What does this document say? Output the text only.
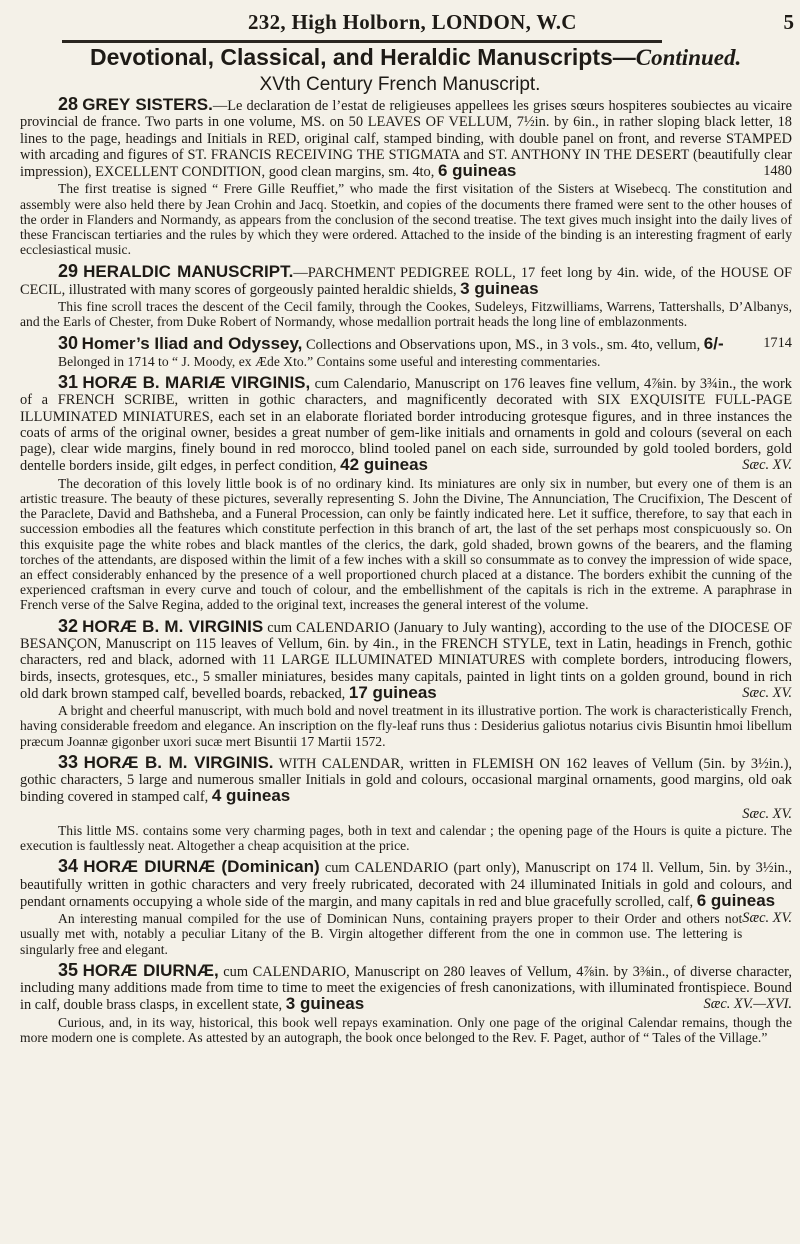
232, High Holborn, LONDON, W.C	5
Devotional, Classical, and Heraldic Manuscripts—Continued.
XVth Century French Manuscript.

28 GREY SISTERS.—Le declaration de l’estat de religieuses appellees les grises sœurs hospiteres soubiectes au vicaire provincial de france. Two parts in one volume, MS. on 50 LEAVES OF VELLUM, 7½in. by 6in., in rather sloping black letter, 18 lines to the page, headings and Initials in RED, original calf, stamped binding, with double panel on front, and reverse STAMPED with arcading and figures of ST. FRANCIS RECEIVING THE STIGMATA and ST. ANTHONY IN THE DESERT (beautifully clear impression), EXCELLENT CONDITION, good clean margins, sm. 4to, 6 guineas	1480

The first treatise is signed “ Frere Gille Reuffiet,” who made the first visitation of the Sisters at Wisebecq. The constitution and assembly were also held there by Jean Crohin and Jacq. Stoetkin, and copies of the documents there framed were sent to the other houses of the order in Flanders and Normandy, as appears from the conclusion of the second treatise. The text gives much insight into the daily lives of these Franciscan tertiaries and the rules by which they were ordered. Attached to the inside of the binding is an interesting fragment of early ecclesiastical music.

29 HERALDIC MANUSCRIPT.—PARCHMENT PEDIGREE ROLL, 17 feet long by 4in. wide, of the HOUSE OF CECIL, illustrated with many scores of gorgeously painted heraldic shields, 3 guineas

This fine scroll traces the descent of the Cecil family, through the Cookes, Sudeleys, Fitzwilliams, Warrens, Tattershalls, D’Albanys, and the Earls of Chester, from Duke Robert of Normandy, whose medallion portrait heads the long line of emblazonments.

30 Homer’s Iliad and Odyssey, Collections and Observations upon, MS., in 3 vols., sm. 4to, vellum, 6/-	1714

Belonged in 1714 to “ J. Moody, ex Æde Xto.” Contains some useful and interesting commentaries.

31 HORÆ B. MARIÆ VIRGINIS, cum Calendario, Manuscript on 176 leaves fine vellum, 4⅞in. by 3¾in., the work of a FRENCH SCRIBE, written in gothic characters, and magnificently decorated with SIX EXQUISITE FULL-PAGE ILLUMINATED MINIATURES, each set in an elaborate floriated border introducing grotesque figures, and in three instances the coats of arms of the original owner, besides a great number of gem-like initials and ornaments in gold and colours (several on each page), clear wide margins, finely bound in red morocco, blind tooled panel on each side, surrounded by gold tooled borders, gold dentelle borders inside, gilt edges, in perfect condition, 42 guineas	Sæc. XV.

The decoration of this lovely little book is of no ordinary kind. Its miniatures are only six in number, but every one of them is an artistic treasure. The beauty of these pictures, severally representing S. John the Divine, The Annunciation, The Crucifixion, The Descent of the Paraclete, David and Bathsheba, and a Funeral Procession, can only be faintly indicated here. Let it suffice, therefore, to say that each in succession embodies all the features which constitute perfection in this branch of art, the last of the set perhaps most conspicuously so. On this exquisite page the white robes and black mantles of the clerics, the dark, gold shaded, brown gowns of the bearers, and the flaming torches of the attendants, are disposed within the limit of a few inches with a skill so consummate as to convey the impression of wide space, an effect considerably enhanced by the presence of a well proportioned church placed at a distance. The borders exhibit the cunning of the experienced craftsman in every curve and touch of colour, and the embellishment of the capitals is rich in the extreme. A paraphrase in French verse of the Salve Regina, added to the original text, increases the general interest of the volume.

32 HORÆ B. M. VIRGINIS cum CALENDARIO (January to July wanting), according to the use of the DIOCESE OF BESANÇON, Manuscript on 115 leaves of Vellum, 6in. by 4in., in the FRENCH STYLE, text in Latin, headings in French, gothic characters, red and black, adorned with 11 LARGE ILLUMINATED MINIATURES with complete borders, introducing flowers, birds, insects, grotesques, etc., 5 smaller miniatures, besides many capitals, painted in light tints on a golden ground, bound in rich old dark brown stamped calf, bevelled boards, rebacked, 17 guineas	Sæc. XV.

A bright and cheerful manuscript, with much bold and novel treatment in its illustrative portion. The work is characteristically French, having considerable freedom and elegance. An inscription on the fly-leaf runs thus : Desiderius galiotus notarius civis Bisuntin hmoi libellum præcum Joannæ gigonber uxori sucæ mert Bisuntii 17 Martii 1572.

33 HORÆ B. M. VIRGINIS. WITH CALENDAR, written in FLEMISH ON 162 leaves of Vellum (5in. by 3½in.), gothic characters, 5 large and numerous smaller Initials in gold and colours, occasional marginal ornaments, good margins, old oak binding covered in stamped calf, 4 guineas
Sæc. XV.

This little MS. contains some very charming pages, both in text and calendar ; the opening page of the Hours is quite a picture. The execution is faultlessly neat. Altogether a cheap acquisition at the price.

34 HORÆ DIURNÆ (Dominican) cum CALENDARIO (part only), Manuscript on 174 ll. Vellum, 5in. by 3½in., beautifully written in gothic characters and very freely rubricated, decorated with 24 illuminated Initials in gold and colours, and pendant ornaments occupying a whole side of the margin, and many capitals in red and blue gracefully scrolled, calf, 6 guineas
Sæc. XV.

An interesting manual compiled for the use of Dominican Nuns, containing prayers proper to their Order and others not usually met with, notably a peculiar Litany of the B. Virgin altogether different from the one in common use. The lettering is singularly free and elegant.

35 HORÆ DIURNÆ, cum CALENDARIO, Manuscript on 280 leaves of Vellum, 4⅞in. by 3⅜in., of diverse character, including many additions made from time to time to meet the exigencies of fresh canonizations, with illuminated frontispiece. Bound in calf, double brass clasps, in excellent state, 3 guineas	Sæc. XV.—XVI.

Curious, and, in its way, historical, this book well repays examination. Only one page of the original Calendar remains, though the more modern one is complete. As attested by an autograph, the book once belonged to the Rev. F. Paget, author of “ Tales of the Village.”
